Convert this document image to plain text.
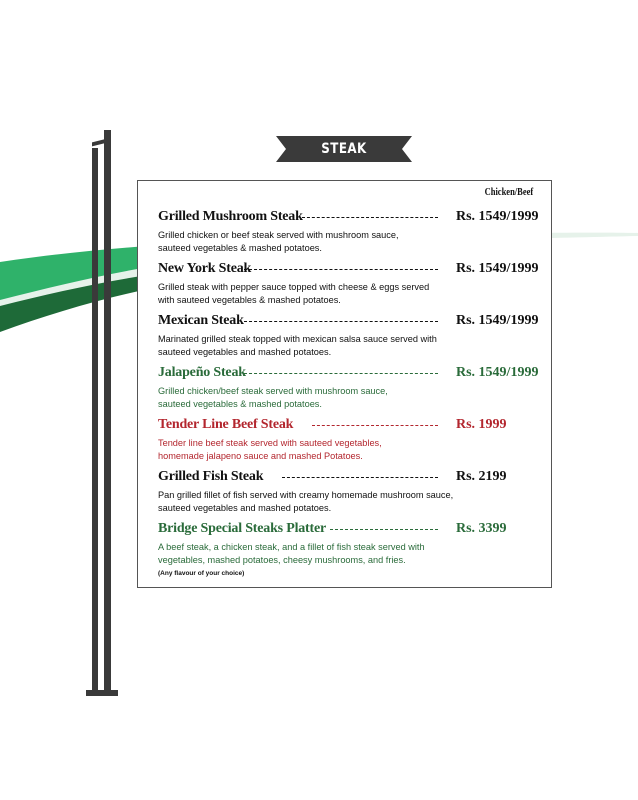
STEAK
Chicken/Beef
Grilled Mushroom Steak	Rs. 1549/1999
Grilled chicken or beef steak served with mushroom sauce,
sauteed vegetables & mashed potatoes.
New York Steak	Rs. 1549/1999
Grilled steak with pepper sauce topped with cheese & eggs served
with sauteed vegetables & mashed potatoes.
Mexican Steak	Rs. 1549/1999
Marinated grilled steak topped with mexican salsa sauce served with
sauteed vegetables and mashed potatoes.
Jalapeño Steak	Rs. 1549/1999
Grilled chicken/beef steak served with mushroom sauce,
sauteed vegetables & mashed potatoes.
Tender Line Beef Steak	Rs. 1999
Tender line beef steak served with sauteed vegetables,
homemade jalapeno sauce and mashed Potatoes.
Grilled Fish Steak	Rs. 2199
Pan grilled fillet of fish served with creamy homemade mushroom sauce,
sauteed vegetables and mashed potatoes.
Bridge Special Steaks Platter	Rs. 3399
A beef steak, a chicken steak, and a fillet of fish steak served with
vegetables, mashed potatoes, cheesy mushrooms, and fries.
(Any flavour of your choice)
